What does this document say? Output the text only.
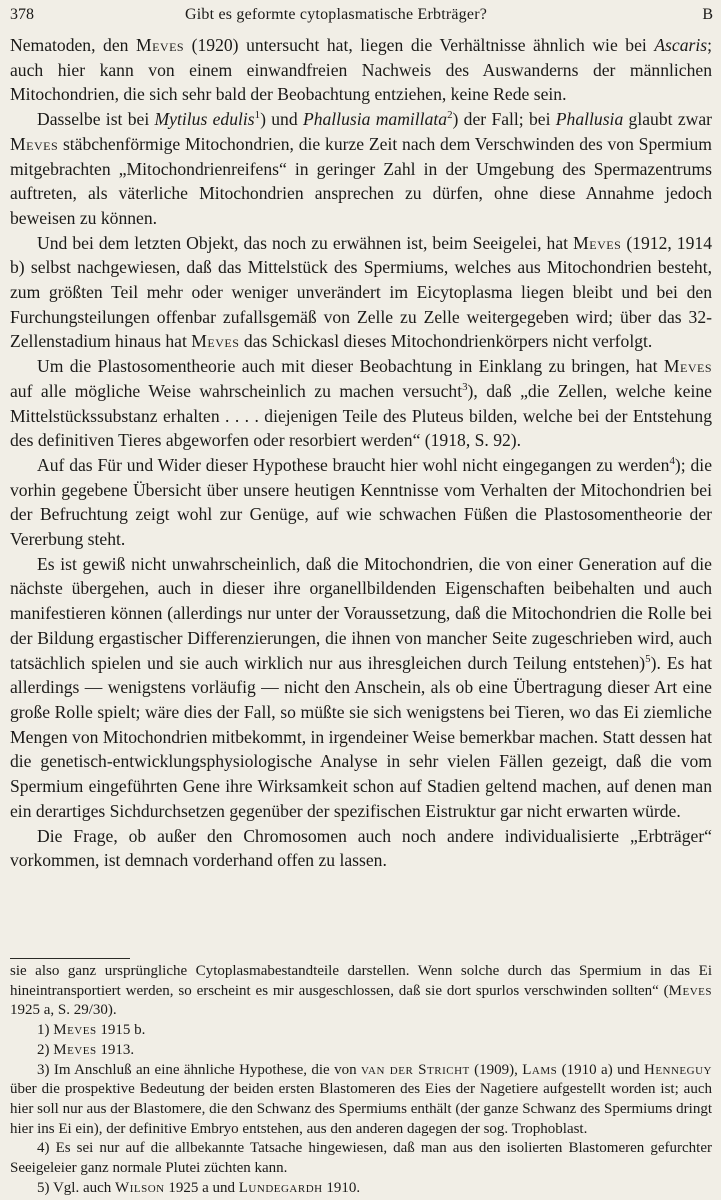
378	Gibt es geformte cytoplasmatische Erbträger?	B

Nematoden, den Meves (1920) untersucht hat, liegen die Verhältnisse ähnlich wie bei Ascaris; auch hier kann von einem einwandfreien Nachweis des Auswanderns der männlichen Mitochondrien, die sich sehr bald der Beobachtung entziehen, keine Rede sein.

Dasselbe ist bei Mytilus edulis$^1$) und Phallusia mamillata$^2$) der Fall; bei Phallusia glaubt zwar Meves stäbchenförmige Mitochondrien, die kurze Zeit nach dem Verschwinden des von Spermium mitgebrachten „Mitochondrienreifens“ in geringer Zahl in der Umgebung des Spermazentrums auftreten, als väterliche Mitochondrien ansprechen zu dürfen, ohne diese Annahme jedoch beweisen zu können.

Und bei dem letzten Objekt, das noch zu erwähnen ist, beim Seeigelei, hat Meves (1912, 1914 b) selbst nachgewiesen, daß das Mittelstück des Spermiums, welches aus Mitochondrien besteht, zum größten Teil mehr oder weniger unverändert im Eicytoplasma liegen bleibt und bei den Furchungsteilungen offenbar zufallsgemäß von Zelle zu Zelle weitergegeben wird; über das 32-Zellenstadium hinaus hat Meves das Schickasl dieses Mitochondrienkörpers nicht verfolgt.

Um die Plastosomentheorie auch mit dieser Beobachtung in Einklang zu bringen, hat Meves auf alle mögliche Weise wahrscheinlich zu machen versucht$^3$), daß „die Zellen, welche keine Mittelstückssubstanz erhalten . . . . diejenigen Teile des Pluteus bilden, welche bei der Entstehung des definitiven Tieres abgeworfen oder resorbiert werden“ (1918, S. 92).

Auf das Für und Wider dieser Hypothese braucht hier wohl nicht eingegangen zu werden$^4$); die vorhin gegebene Übersicht über unsere heutigen Kenntnisse vom Verhalten der Mitochondrien bei der Befruchtung zeigt wohl zur Genüge, auf wie schwachen Füßen die Plastosomentheorie der Vererbung steht.

Es ist gewiß nicht unwahrscheinlich, daß die Mitochondrien, die von einer Generation auf die nächste übergehen, auch in dieser ihre organellbildenden Eigenschaften beibehalten und auch manifestieren können (allerdings nur unter der Voraussetzung, daß die Mitochondrien die Rolle bei der Bildung ergastischer Differenzierungen, die ihnen von mancher Seite zugeschrieben wird, auch tatsächlich spielen und sie auch wirklich nur aus ihresgleichen durch Teilung entstehen)$^5$). Es hat allerdings — wenigstens vorläufig — nicht den Anschein, als ob eine Übertragung dieser Art eine große Rolle spielt; wäre dies der Fall, so müßte sie sich wenigstens bei Tieren, wo das Ei ziemliche Mengen von Mitochondrien mitbekommt, in irgendeiner Weise bemerkbar machen. Statt dessen hat die genetisch-entwicklungsphysiologische Analyse in sehr vielen Fällen gezeigt, daß die vom Spermium eingeführten Gene ihre Wirksamkeit schon auf Stadien geltend machen, auf denen man ein derartiges Sichdurchsetzen gegenüber der spezifischen Eistruktur gar nicht erwarten würde.

Die Frage, ob außer den Chromosomen auch noch andere individualisierte „Erbträger“ vorkommen, ist demnach vorderhand offen zu lassen.

sie also ganz ursprüngliche Cytoplasmabestandteile darstellen. Wenn solche durch das Spermium in das Ei hineintransportiert werden, so erscheint es mir ausgeschlossen, daß sie dort spurlos verschwinden sollten“ (Meves 1925 a, S. 29/30).

1) Meves 1915 b.

2) Meves 1913.

3) Im Anschluß an eine ähnliche Hypothese, die von van der Stricht (1909), Lams (1910 a) und Henneguy über die prospektive Bedeutung der beiden ersten Blastomeren des Eies der Nagetiere aufgestellt worden ist; auch hier soll nur aus der Blastomere, die den Schwanz des Spermiums enthält (der ganze Schwanz des Spermiums dringt hier ins Ei ein), der definitive Embryo entstehen, aus den anderen dagegen der sog. Trophoblast.

4) Es sei nur auf die allbekannte Tatsache hingewiesen, daß man aus den isolierten Blastomeren gefurchter Seeigeleier ganz normale Plutei züchten kann.

5) Vgl. auch Wilson 1925 a und Lundegardh 1910.
